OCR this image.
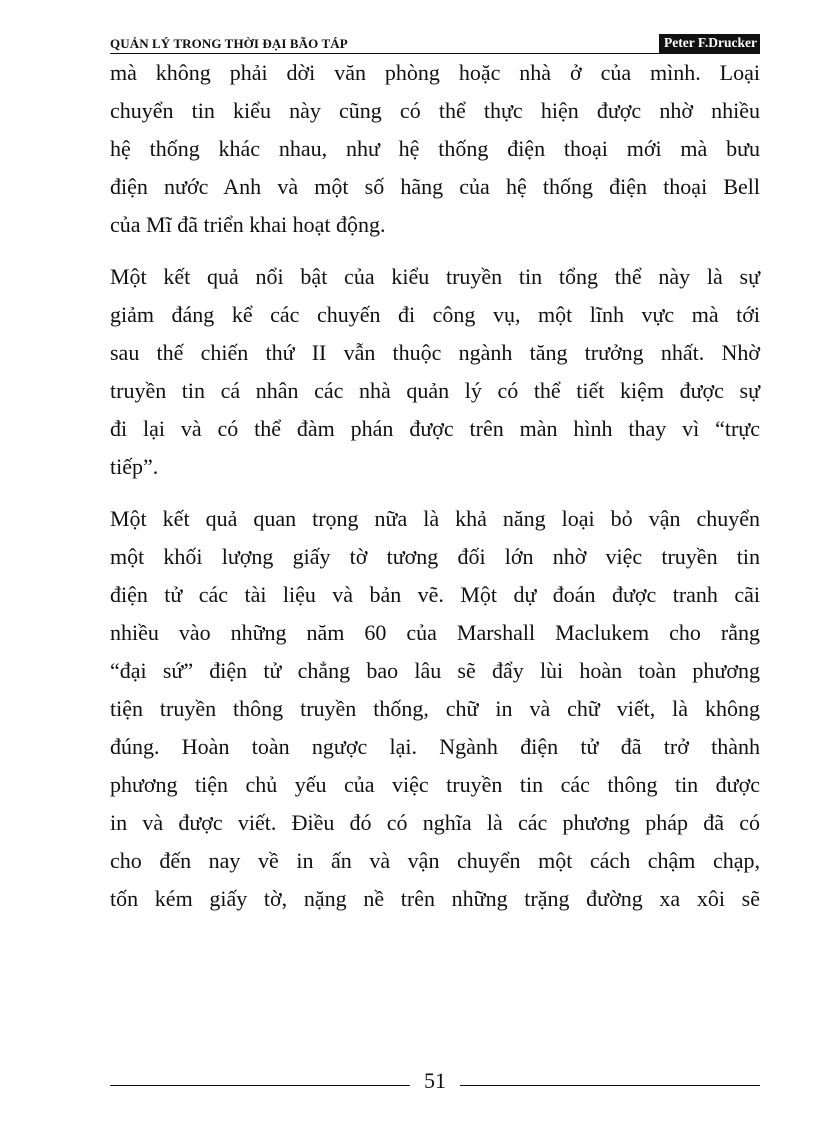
QUẢN LÝ TRONG THỜI ĐẠI BÃO TÁP	Peter F.Drucker
mà không phải dời văn phòng hoặc nhà ở của mình. Loại
chuyển tin kiểu này cũng có thể thực hiện được nhờ nhiều
hệ thống khác nhau, như hệ thống điện thoại mới mà bưu
điện nước Anh và một số hãng của hệ thống điện thoại Bell
của Mĩ đã triển khai hoạt động.
Một kết quả nổi bật của kiểu truyền tin tổng thể này là sự
giảm đáng kể các chuyến đi công vụ, một lĩnh vực mà tới
sau thế chiến thứ II vẫn thuộc ngành tăng trưởng nhất. Nhờ
truyền tin cá nhân các nhà quản lý có thể tiết kiệm được sự
đi lại và có thể đàm phán được trên màn hình thay vì “trực
tiếp”.
Một kết quả quan trọng nữa là khả năng loại bỏ vận chuyển
một khối lượng giấy tờ tương đối lớn nhờ việc truyền tin
điện tử các tài liệu và bản vẽ. Một dự đoán được tranh cãi
nhiều vào những năm 60 của Marshall Maclukem cho rằng
“đại sứ” điện tử chẳng bao lâu sẽ đẩy lùi hoàn toàn phương
tiện truyền thông truyền thống, chữ in và chữ viết, là không
đúng. Hoàn toàn ngược lại. Ngành điện tử đã trở thành
phương tiện chủ yếu của việc truyền tin các thông tin được
in và được viết. Điều đó có nghĩa là các phương pháp đã có
cho đến nay về in ấn và vận chuyển một cách chậm chạp,
tốn kém giấy tờ, nặng nề trên những trặng đường xa xôi sẽ
51
